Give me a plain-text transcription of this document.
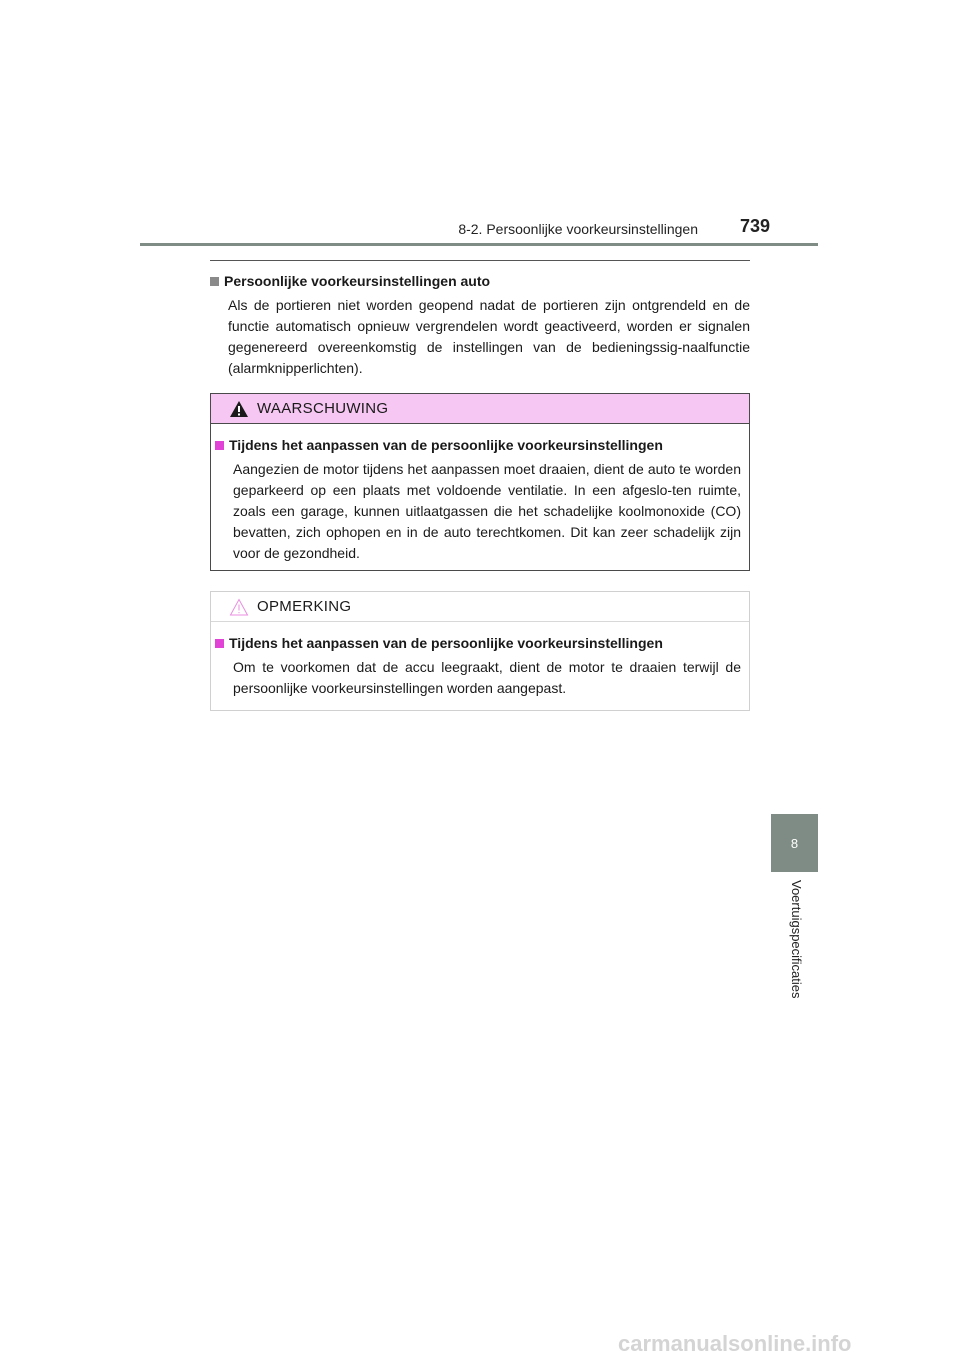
8-2. Persoonlijke voorkeursinstellingen 739

Persoonlijke voorkeursinstellingen auto

Als de portieren niet worden geopend nadat de portieren zijn ontgrendeld en de functie automatisch opnieuw vergrendelen wordt geactiveerd, worden er signalen gegenereerd overeenkomstig de instellingen van de bedieningssig-naalfunctie (alarmknipperlichten).

WAARSCHUWING

Tijdens het aanpassen van de persoonlijke voorkeursinstellingen

Aangezien de motor tijdens het aanpassen moet draaien, dient de auto te worden geparkeerd op een plaats met voldoende ventilatie. In een afgeslo-ten ruimte, zoals een garage, kunnen uitlaatgassen die het schadelijke koolmonoxide (CO) bevatten, zich ophopen en in de auto terechtkomen. Dit kan zeer schadelijk zijn voor de gezondheid.

OPMERKING

Tijdens het aanpassen van de persoonlijke voorkeursinstellingen

Om te voorkomen dat de accu leegraakt, dient de motor te draaien terwijl de persoonlijke voorkeursinstellingen worden aangepast.

8
Voertuigspecificaties
carmanualsonline.info
